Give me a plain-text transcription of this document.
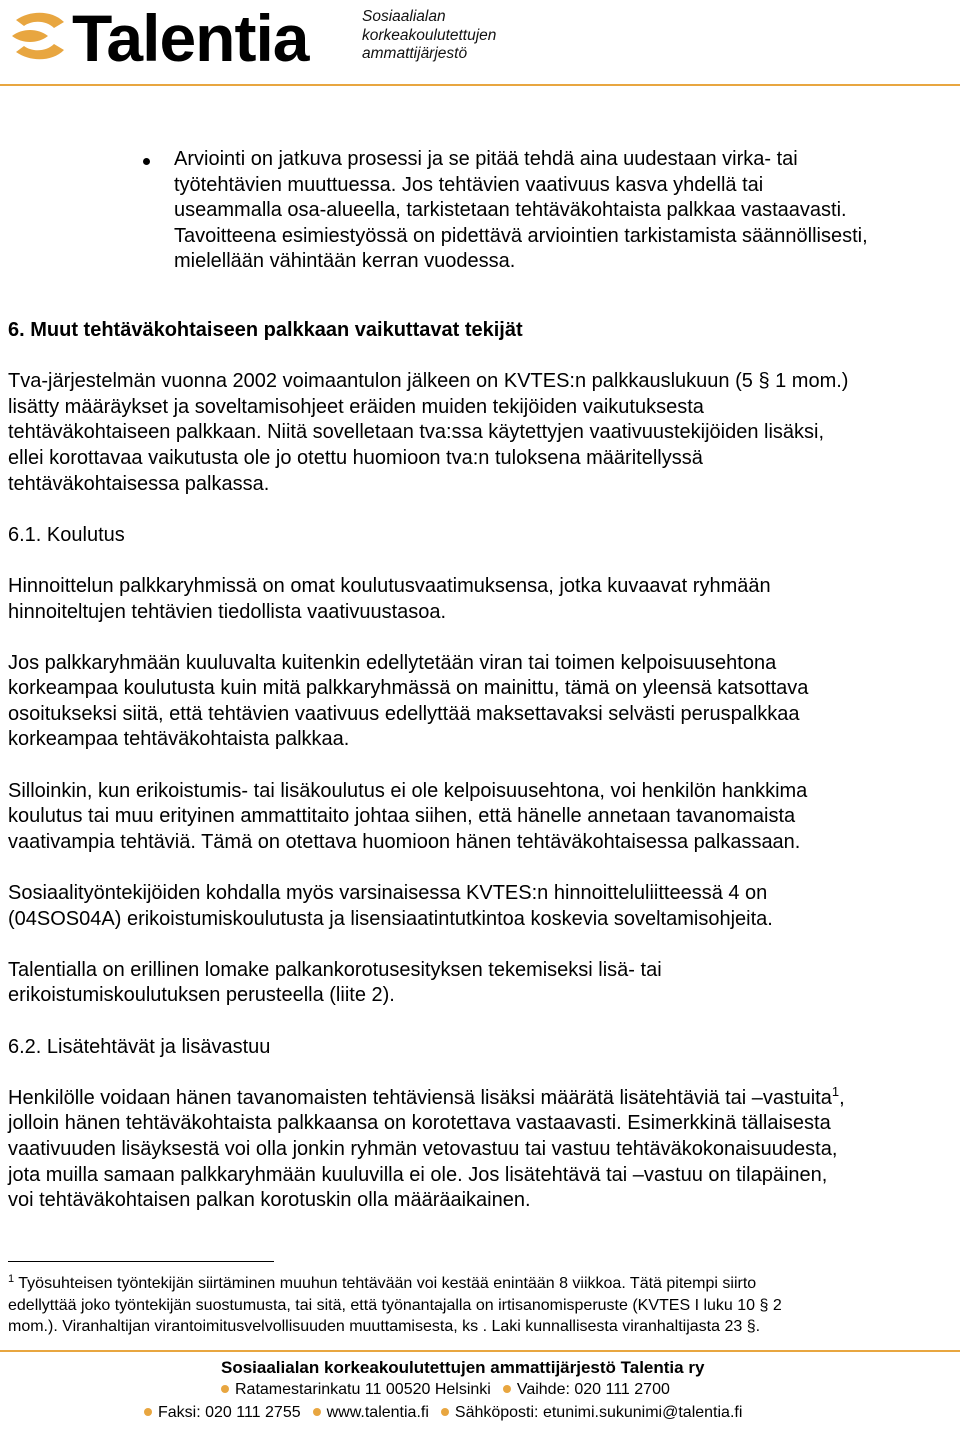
Talentia	Sosiaalialan
korkeakoulutettujen
ammattijärjestö

Arviointi on jatkuva prosessi ja se pitää tehdä aina uudestaan virka- tai
työtehtävien muuttuessa. Jos tehtävien vaativuus kasva yhdellä tai
useammalla osa-alueella, tarkistetaan tehtäväkohtaista palkkaa vastaavasti.
Tavoitteena esimiestyössä on pidettävä arviointien tarkistamista säännöllisesti,
mielellään vähintään kerran vuodessa.

6. Muut tehtäväkohtaiseen palkkaan vaikuttavat tekijät

Tva-järjestelmän vuonna 2002 voimaantulon jälkeen on KVTES:n palkkauslukuun (5 § 1 mom.)
lisätty määräykset ja soveltamisohjeet eräiden muiden tekijöiden vaikutuksesta
tehtäväkohtaiseen palkkaan. Niitä sovelletaan tva:ssa käytettyjen vaativuustekijöiden lisäksi,
ellei korottavaa vaikutusta ole jo otettu huomioon tva:n tuloksena määritellyssä
tehtäväkohtaisessa palkassa.

6.1. Koulutus

Hinnoittelun palkkaryhmissä on omat koulutusvaatimuksensa, jotka kuvaavat ryhmään
hinnoiteltujen tehtävien tiedollista vaativuustasoa.

Jos palkkaryhmään kuuluvalta kuitenkin edellytetään viran tai toimen kelpoisuusehtona
korkeampaa koulutusta kuin mitä palkkaryhmässä on mainittu, tämä on yleensä katsottava
osoitukseksi siitä, että tehtävien vaativuus edellyttää maksettavaksi selvästi peruspalkkaa
korkeampaa tehtäväkohtaista palkkaa.

Silloinkin, kun erikoistumis- tai lisäkoulutus ei ole kelpoisuusehtona, voi henkilön hankkima
koulutus tai muu erityinen ammattitaito johtaa siihen, että hänelle annetaan tavanomaista
vaativampia tehtäviä. Tämä on otettava huomioon hänen tehtäväkohtaisessa palkassaan.

Sosiaalityöntekijöiden kohdalla myös varsinaisessa KVTES:n hinnoitteluliitteessä 4 on
(04SOS04A) erikoistumiskoulutusta ja lisensiaatintutkintoa koskevia soveltamisohjeita.

Talentialla on erillinen lomake palkankorotusesityksen tekemiseksi lisä- tai
erikoistumiskoulutuksen perusteella (liite 2).

6.2. Lisätehtävät ja lisävastuu

Henkilölle voidaan hänen tavanomaisten tehtäviensä lisäksi määrätä lisätehtäviä tai –vastuita$^1$,
jolloin hänen tehtäväkohtaista palkkaansa on korotettava vastaavasti. Esimerkkinä tällaisesta
vaativuuden lisäyksestä voi olla jonkin ryhmän vetovastuu tai vastuu tehtäväkokonaisuudesta,
jota muilla samaan palkkaryhmään kuuluvilla ei ole. Jos lisätehtävä tai –vastuu on tilapäinen,
voi tehtäväkohtaisen palkan korotuskin olla määräaikainen.

$^1$ Työsuhteisen työntekijän siirtäminen muuhun tehtävään voi kestää enintään 8 viikkoa. Tätä pitempi siirto
edellyttää joko työntekijän suostumusta, tai sitä, että työnantajalla on irtisanomisperuste (KVTES I luku 10 § 2
mom.). Viranhaltijan virantoimitusvelvollisuuden muuttamisesta, ks . Laki kunnallisesta viranhaltijasta 23 §.
Sosiaalialan korkeakoulutettujen ammattijärjestö Talentia ry
Ratamestarinkatu 11 00520 Helsinki Vaihde: 020 111 2700
Faksi: 020 111 2755 www.talentia.fi Sähköposti: etunimi.sukunimi@talentia.fi
